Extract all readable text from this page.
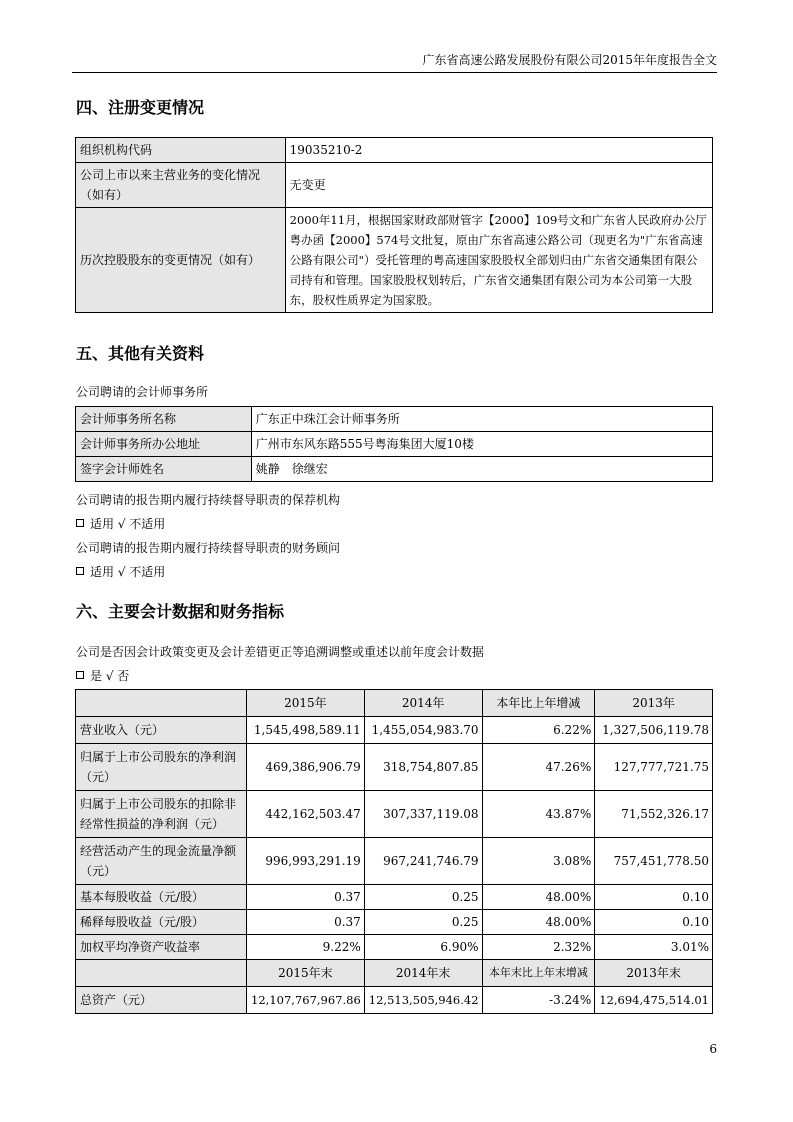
广东省高速公路发展股份有限公司2015年年度报告全文
四、注册变更情况
组织机构代码	19035210-2
公司上市以来主营业务的变化情况（如有）	无变更
历次控股股东的变更情况（如有）	2000年11月，根据国家财政部财管字【2000】109号文和广东省人民政府办公厅粤办函【2000】574号文批复，原由广东省高速公路公司（现更名为"广东省高速公路有限公司"）受托管理的粤高速国家股股权全部划归由广东省交通集团有限公司持有和管理。国家股股权划转后，广东省交通集团有限公司为本公司第一大股东，股权性质界定为国家股。
五、其他有关资料
公司聘请的会计师事务所
会计师事务所名称	广东正中珠江会计师事务所
会计师事务所办公地址	广州市东风东路555号粤海集团大厦10楼
签字会计师姓名	姚静　徐继宏
公司聘请的报告期内履行持续督导职责的保荐机构
适用 √ 不适用
公司聘请的报告期内履行持续督导职责的财务顾问
适用 √ 不适用
六、主要会计数据和财务指标
公司是否因会计政策变更及会计差错更正等追溯调整或重述以前年度会计数据
是 √ 否
	2015年	2014年	本年比上年增减	2013年
营业收入（元）	1,545,498,589.11	1,455,054,983.70	6.22%	1,327,506,119.78
归属于上市公司股东的净利润（元）	469,386,906.79	318,754,807.85	47.26%	127,777,721.75
归属于上市公司股东的扣除非经常性损益的净利润（元）	442,162,503.47	307,337,119.08	43.87%	71,552,326.17
经营活动产生的现金流量净额（元）	996,993,291.19	967,241,746.79	3.08%	757,451,778.50
基本每股收益（元/股）	0.37	0.25	48.00%	0.10
稀释每股收益（元/股）	0.37	0.25	48.00%	0.10
加权平均净资产收益率	9.22%	6.90%	2.32%	3.01%
	2015年末	2014年末	本年末比上年末增减	2013年末
总资产（元）	12,107,767,967.86	12,513,505,946.42	-3.24%	12,694,475,514.01
6
